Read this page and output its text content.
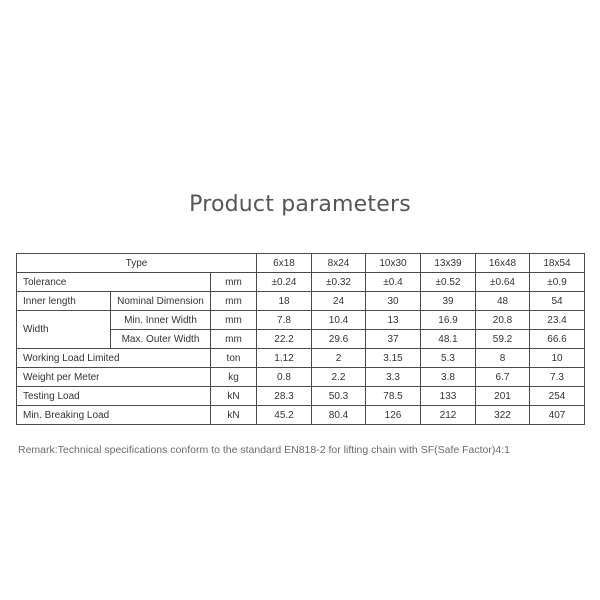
Product parameters
Type			6x18	8x24	10x30	13x39	16x48	18x54
Tolerance		mm	±0.24	±0.32	±0.4	±0.52	±0.64	±0.9
Inner length	Nominal Dimension	mm	18	24	30	39	48	54
Width	Min. Inner Width	mm	7.8	10.4	13	16.9	20.8	23.4
	Max. Outer Width	mm	22.2	29.6	37	48.1	59.2	66.6
Working Load Limited		ton	1.12	2	3.15	5.3	8	10
Weight per Meter		kg	0.8	2.2	3.3	3.8	6.7	7.3
Testing Load		kN	28.3	50.3	78.5	133	201	254
Min. Breaking Load		kN	45.2	80.4	126	212	322	407
Remark:Technical specifications conform to the standard EN818-2 for lifting chain with SF(Safe Factor)4:1
